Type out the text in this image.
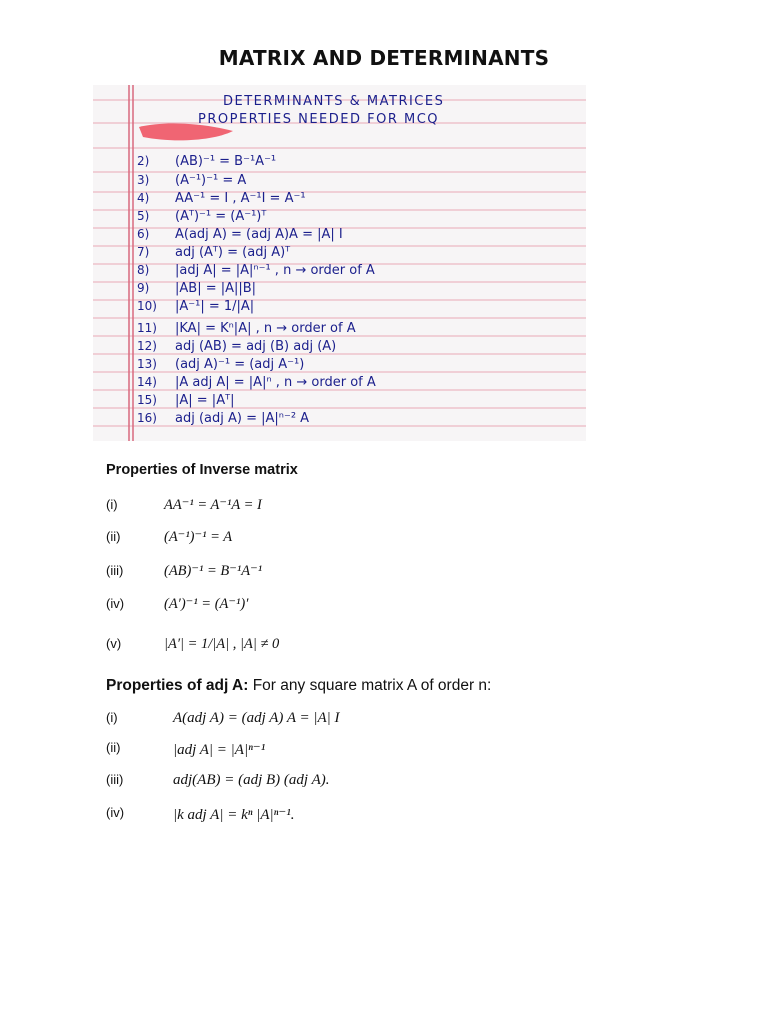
MATRIX AND DETERMINANTS
DETERMINANTS & MATRICES
PROPERTIES NEEDED FOR MCQ
2) (AB)⁻¹ = B⁻¹A⁻¹
3) (A⁻¹)⁻¹ = A
4) AA⁻¹ = I , A⁻¹I = A⁻¹
5) (Aᵀ)⁻¹ = (A⁻¹)ᵀ
6) A(adj A) = (adj A)A = |A| I
7) adj (Aᵀ) = (adj A)ᵀ
8) |adj A| = |A|ⁿ⁻¹ , n → order of A
9) |AB| = |A||B|
10) |A⁻¹| = 1/|A|
11) |KA| = Kⁿ|A| , n → order of A
12) adj (AB) = adj (B) adj (A)
13) (adj A)⁻¹ = (adj A⁻¹)
14) |A adj A| = |A|ⁿ , n → order of A
15) |A| = |Aᵀ|
16) adj (adj A) = |A|ⁿ⁻² A
Properties of Inverse matrix
(i)	AA⁻¹ = A⁻¹A = I
(ii)	(A⁻¹)⁻¹ = A
(iii)	(AB)⁻¹ = B⁻¹A⁻¹
(iv)	(A′)⁻¹ = (A⁻¹)′
(v)	|A′| = 1/|A| , |A| ≠ 0
Properties of adj A: For any square matrix A of order n:
(i)	A(adj A) = (adj A) A = |A| I
(ii)	|adj A| = |A|ⁿ⁻¹
(iii)	adj(AB) = (adj B) (adj A).
(iv)	|k adj A| = kⁿ |A|ⁿ⁻¹.
